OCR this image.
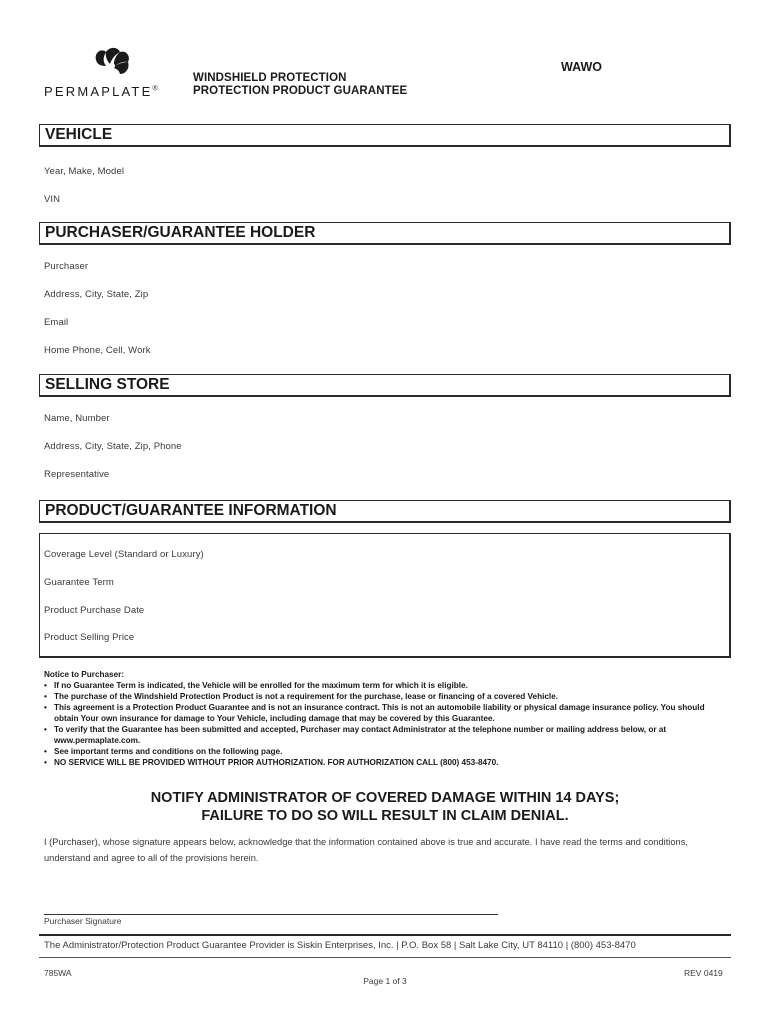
PERMAPLATE®
WINDSHIELD PROTECTION
PROTECTION PRODUCT GUARANTEE
WAWO
VEHICLE
Year, Make, Model
VIN
PURCHASER/GUARANTEE HOLDER
Purchaser
Address, City, State, Zip
Email
Home Phone, Cell, Work
SELLING STORE
Name, Number
Address, City, State, Zip, Phone
Representative
PRODUCT/GUARANTEE INFORMATION
Coverage Level (Standard or Luxury)
Guarantee Term
Product Purchase Date
Product Selling Price
Notice to Purchaser:
• If no Guarantee Term is indicated, the Vehicle will be enrolled for the maximum term for which it is eligible.
• The purchase of the Windshield Protection Product is not a requirement for the purchase, lease or financing of a covered Vehicle.
• This agreement is a Protection Product Guarantee and is not an insurance contract. This is not an automobile liability or physical damage insurance policy. You should obtain Your own insurance for damage to Your Vehicle, including damage that may be covered by this Guarantee.
• To verify that the Guarantee has been submitted and accepted, Purchaser may contact Administrator at the telephone number or mailing address below, or at www.permaplate.com.
• See important terms and conditions on the following page.
• NO SERVICE WILL BE PROVIDED WITHOUT PRIOR AUTHORIZATION. FOR AUTHORIZATION CALL (800) 453-8470.
NOTIFY ADMINISTRATOR OF COVERED DAMAGE WITHIN 14 DAYS;
FAILURE TO DO SO WILL RESULT IN CLAIM DENIAL.
I (Purchaser), whose signature appears below, acknowledge that the information contained above is true and accurate. I have read the terms and conditions, understand and agree to all of the provisions herein.
Purchaser Signature
The Administrator/Protection Product Guarantee Provider is Siskin Enterprises, Inc. | P.O. Box 58 | Salt Lake City, UT 84110 | (800) 453-8470
785WA
Page 1 of 3
REV 0419
